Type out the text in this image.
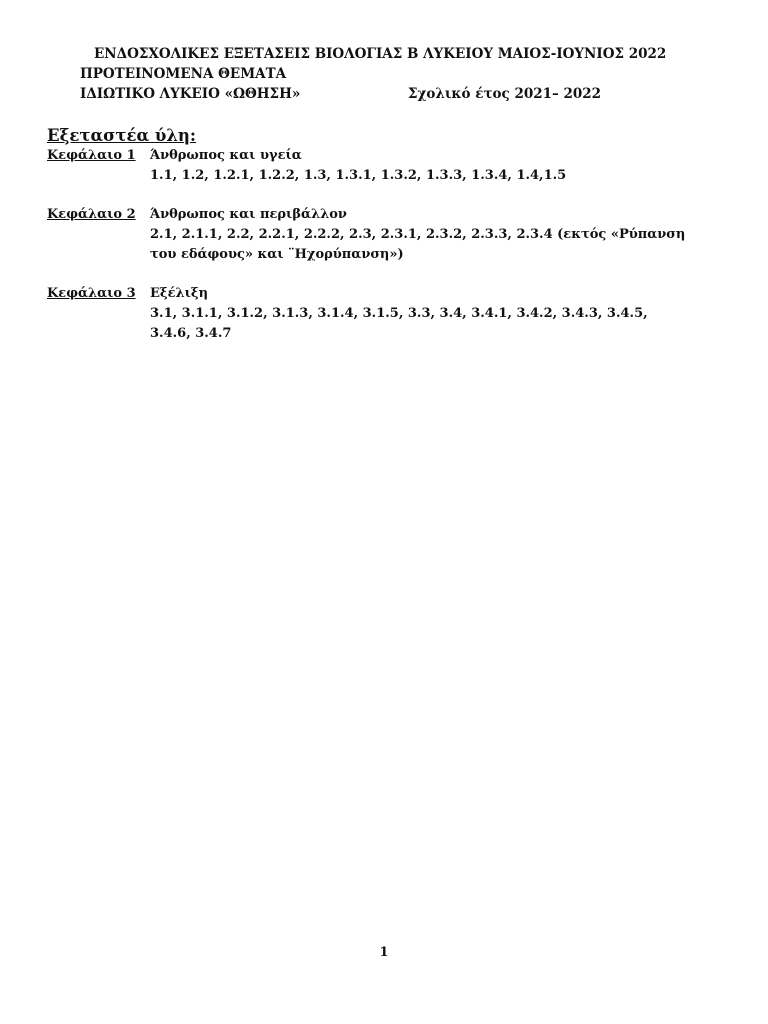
ΕΝΔΟΣΧΟΛΙΚΕΣ ΕΞΕΤΑΣΕΙΣ ΒΙΟΛΟΓΙΑΣ Β ΛΥΚΕΙΟΥ ΜΑΙΟΣ-ΙΟΥΝΙΟΣ 2022
ΠΡΟΤΕΙΝΟΜΕΝΑ ΘΕΜΑΤΑ
ΙΔΙΩΤΙΚΟ ΛΥΚΕΙΟ «ΩΘΗΣΗ»	Σχολικό έτος 2021– 2022
Εξεταστέα ύλη:
Κεφάλαιο 1 Άνθρωπος και υγεία
1.1, 1.2, 1.2.1, 1.2.2, 1.3, 1.3.1, 1.3.2, 1.3.3, 1.3.4, 1.4,1.5
Κεφάλαιο 2 Άνθρωπος και περιβάλλον
2.1, 2.1.1, 2.2, 2.2.1, 2.2.2, 2.3, 2.3.1, 2.3.2, 2.3.3, 2.3.4 (εκτός «Ρύπανση του εδάφους» και ¨Ηχορύπανση»)
Κεφάλαιο 3 Εξέλιξη
3.1, 3.1.1, 3.1.2, 3.1.3, 3.1.4, 3.1.5, 3.3, 3.4, 3.4.1, 3.4.2, 3.4.3, 3.4.5, 3.4.6, 3.4.7
1
